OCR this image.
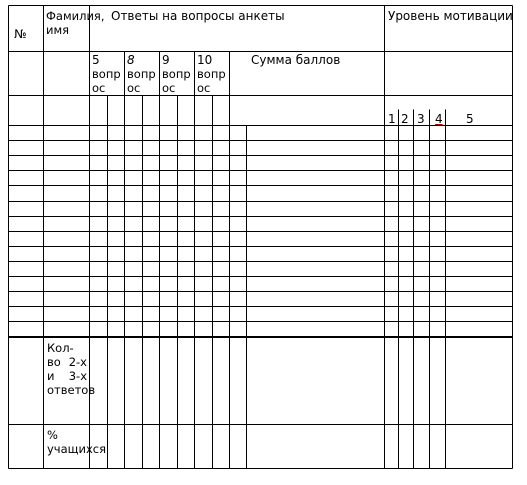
№
Фамилия, имя
Ответы на вопросы анкеты	Уровень мотивации
5
вопр
ос
8
вопр
ос
9
вопр
ос
10
вопр
ос
Сумма баллов
1 2 3 4 5
Кол-во 2-х и 3-х ответов
% учащихся
